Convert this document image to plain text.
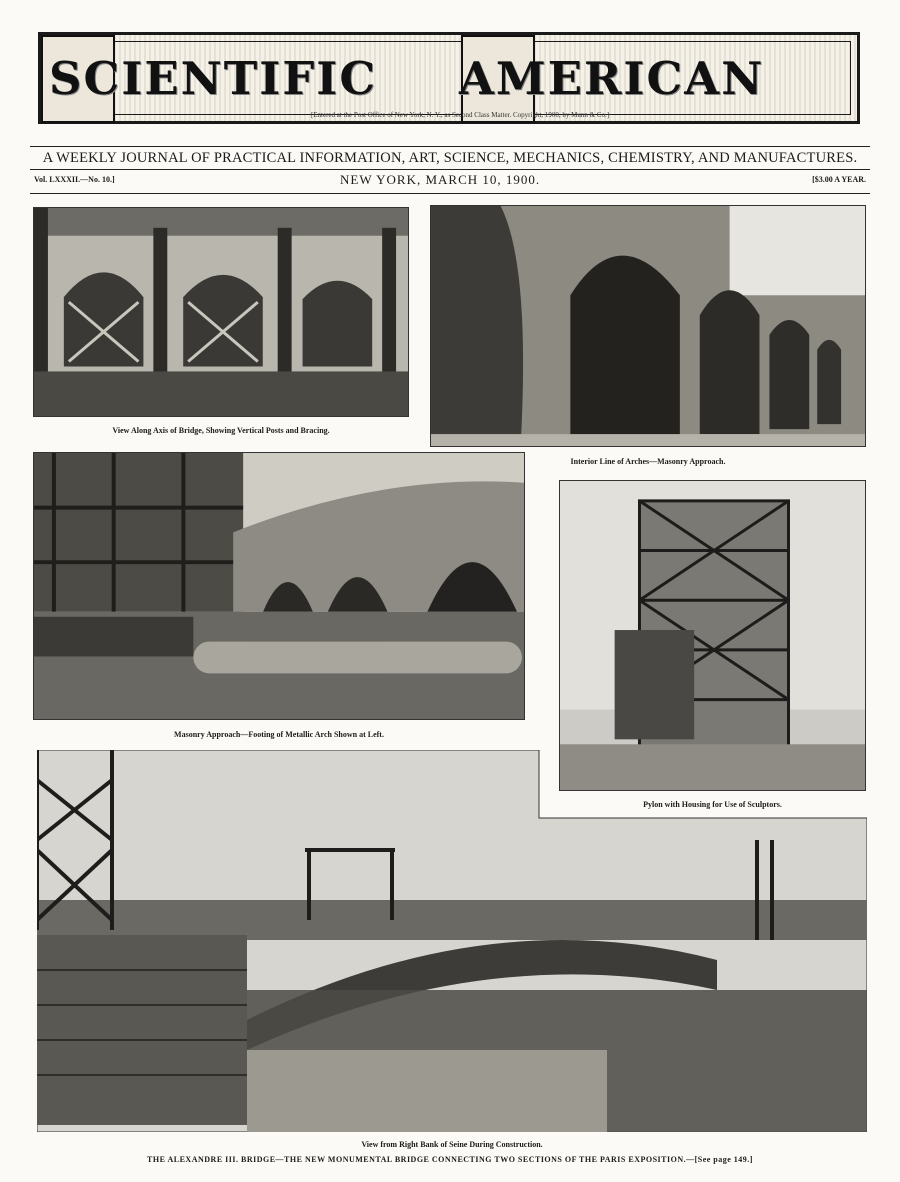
SCIENTIFIC AMERICAN
[Entered at the Post Office of New York, N. Y., as Second Class Matter. Copyright, 1900, by Munn & Co.]
A WEEKLY JOURNAL OF PRACTICAL INFORMATION, ART, SCIENCE, MECHANICS, CHEMISTRY, AND MANUFACTURES.
Vol. LXXXII.—No. 10.]	NEW YORK, MARCH 10, 1900.	[$3.00 A YEAR.
View Along Axis of Bridge, Showing Vertical Posts and Bracing.
Interior Line of Arches—Masonry Approach.
Masonry Approach—Footing of Metallic Arch Shown at Left.
Pylon with Housing for Use of Sculptors.
View from Right Bank of Seine During Construction.
THE ALEXANDRE III. BRIDGE—THE NEW MONUMENTAL BRIDGE CONNECTING TWO SECTIONS OF THE PARIS EXPOSITION.—[See page 149.]
